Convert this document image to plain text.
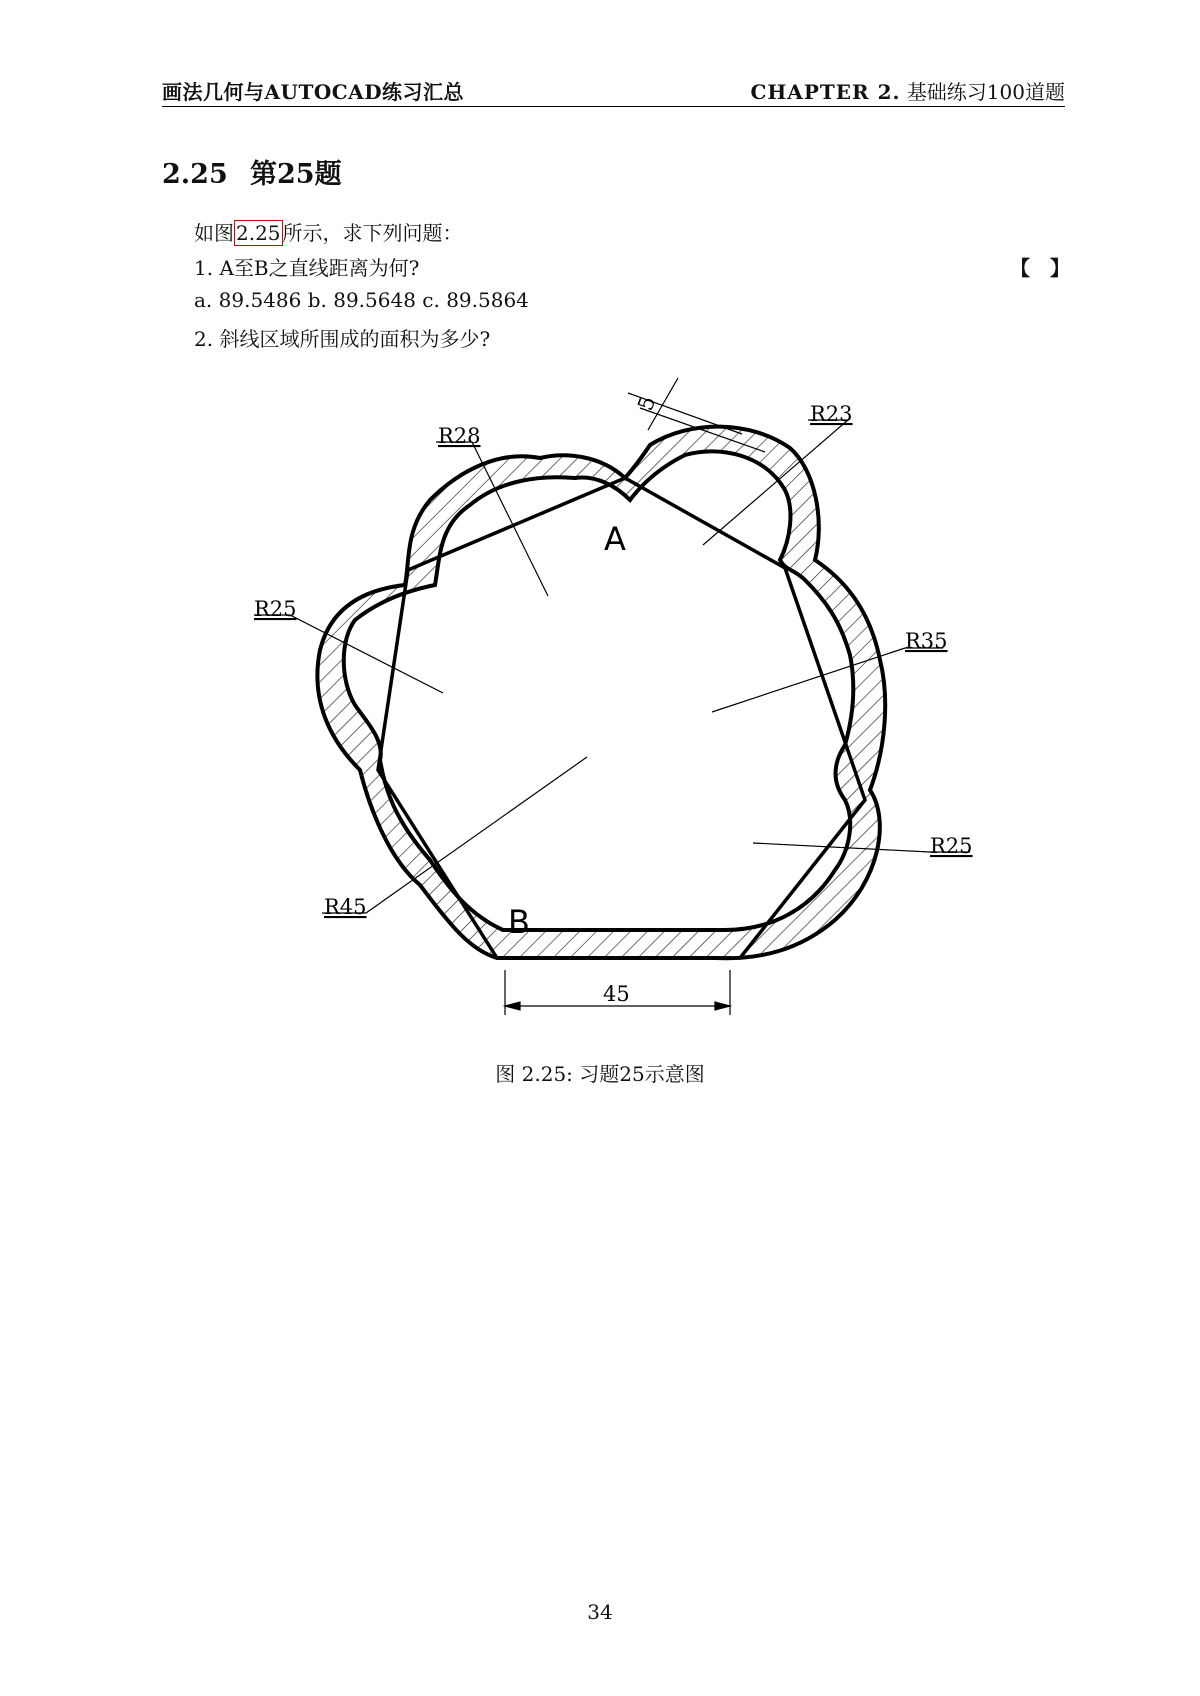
画法几何与AUTOCAD练习汇总	CHAPTER 2. 基础练习100道题
2.25 第25题
如图 2.25 所示，求下列问题：
1. A至B之直线距离为何?	【　】
a. 89.5486 b. 89.5648 c. 89.5864
2. 斜线区域所围成的面积为多少?
R28
R23
R25
R35
R25
R45
5
45
A
B
图 2.25: 习题25示意图
34
